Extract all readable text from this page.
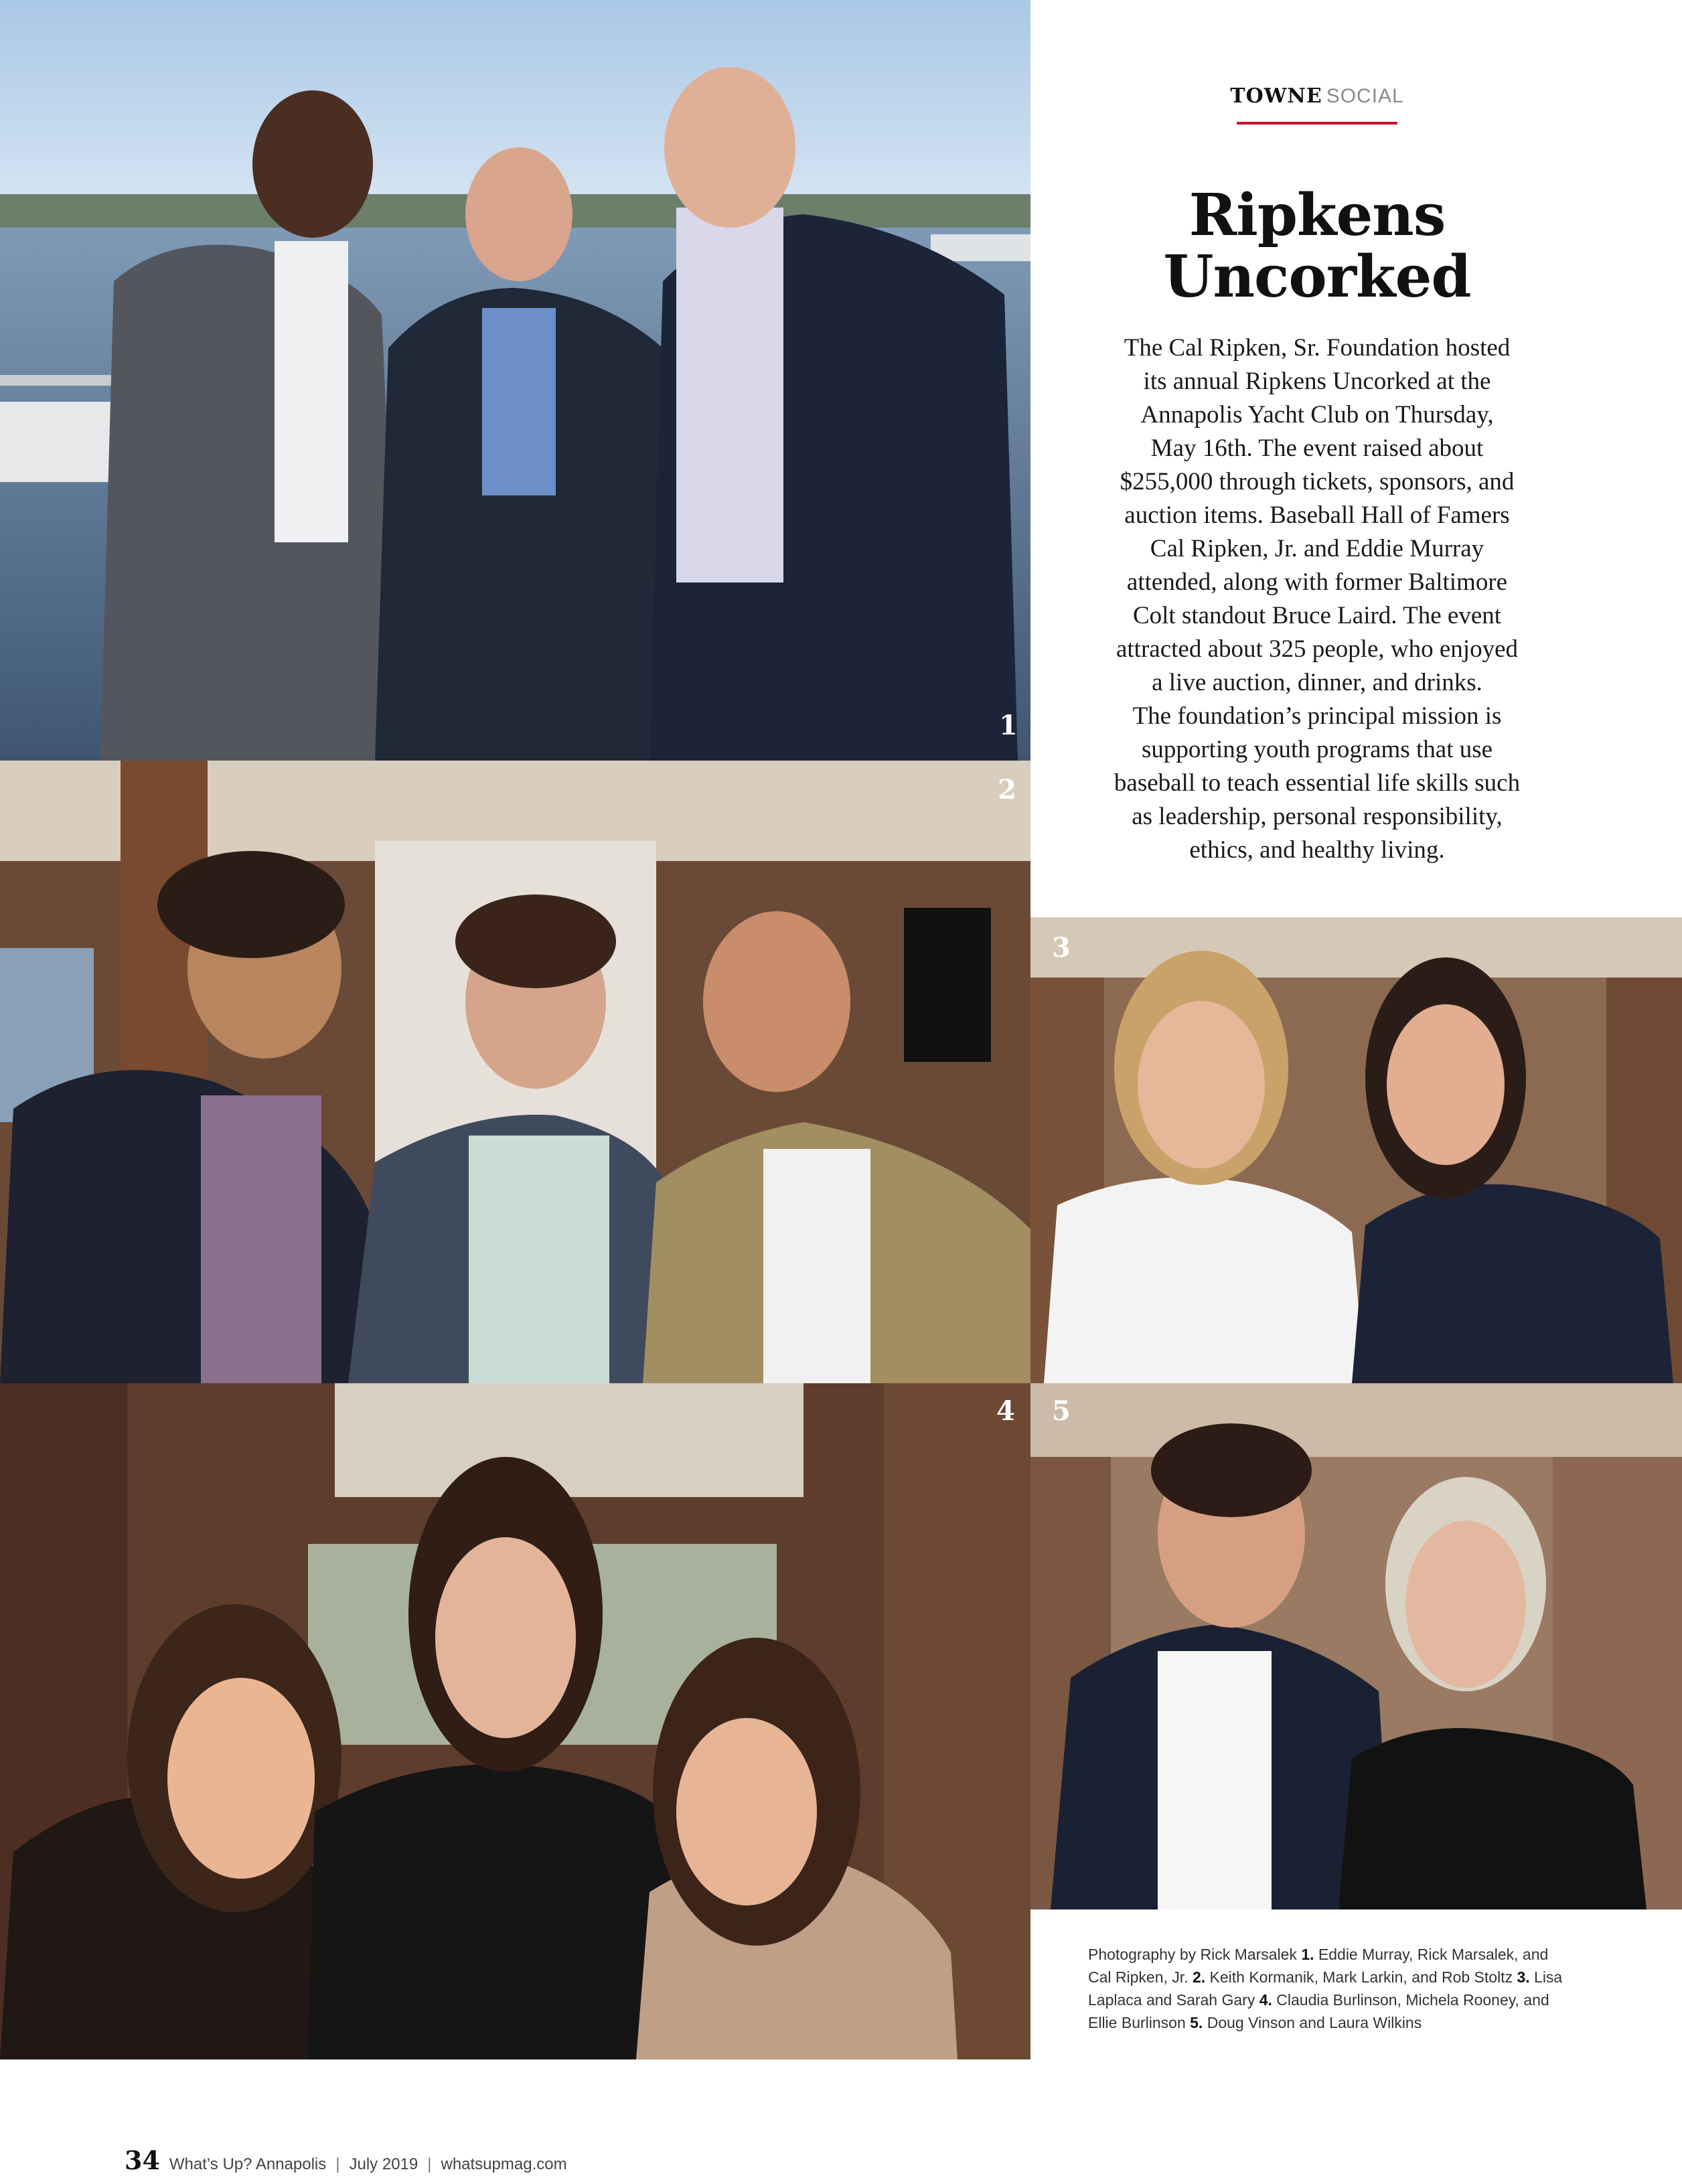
1
2
3
4 5
TOWNE SOCIAL
Ripkens
Uncorked
The Cal Ripken, Sr. Foundation hosted
its annual Ripkens Uncorked at the
Annapolis Yacht Club on Thursday,
May 16th. The event raised about
$255,000 through tickets, sponsors, and
auction items. Baseball Hall of Famers
Cal Ripken, Jr. and Eddie Murray
attended, along with former Baltimore
Colt standout Bruce Laird. The event
attracted about 325 people, who enjoyed
a live auction, dinner, and drinks.
The foundation’s principal mission is
supporting youth programs that use
baseball to teach essential life skills such
as leadership, personal responsibility,
ethics, and healthy living.
Photography by Rick Marsalek 1. Eddie Murray, Rick Marsalek, and Cal Ripken, Jr. 2. Keith Kormanik, Mark Larkin, and Rob Stoltz 3. Lisa Laplaca and Sarah Gary 4. Claudia Burlinson, Michela Rooney, and Ellie Burlinson 5. Doug Vinson and Laura Wilkins
34 What’s Up? Annapolis | July 2019 | whatsupmag.com
